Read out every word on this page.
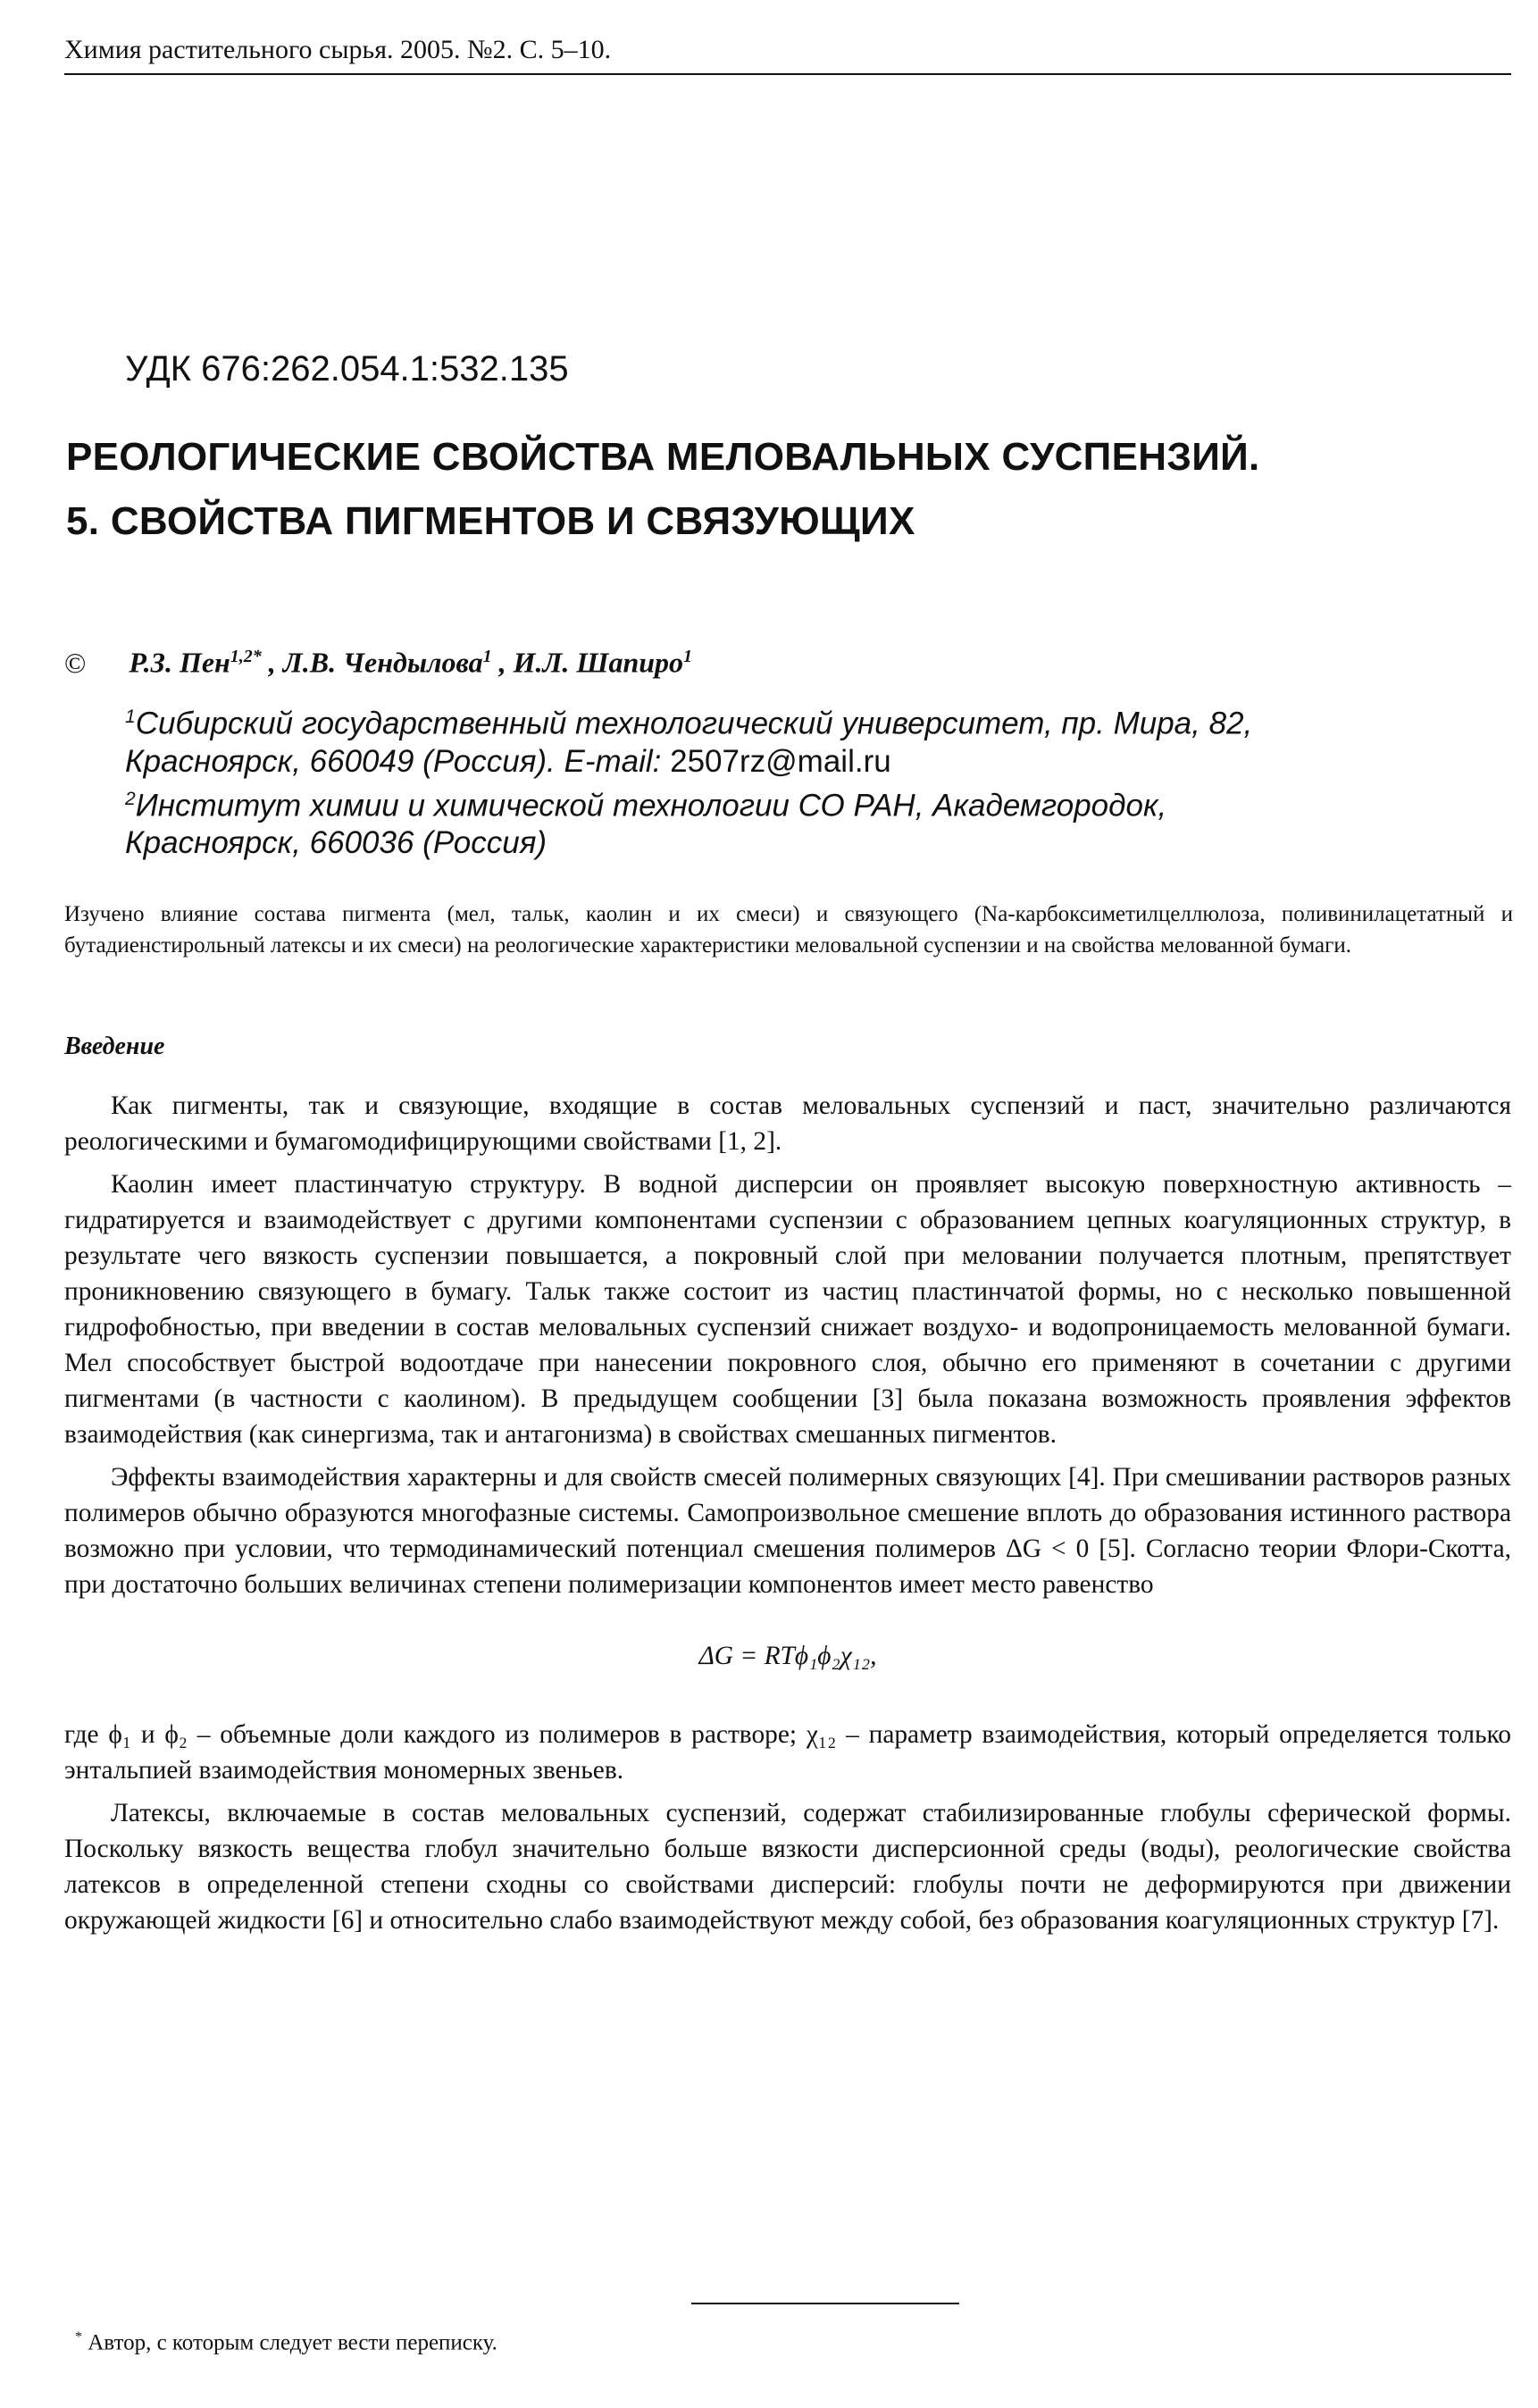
Химия растительного сырья. 2005. №2. С. 5–10.
УДК 676:262.054.1:532.135
РЕОЛОГИЧЕСКИЕ СВОЙСТВА МЕЛОВАЛЬНЫХ СУСПЕНЗИЙ.
5. СВОЙСТВА ПИГМЕНТОВ И СВЯЗУЮЩИХ
© Р.З. Пен$^{1,2*}$ , Л.В. Чендылова$^1$ , И.Л. Шапиро$^1$

$^1$Сибирский государственный технологический университет, пр. Мира, 82,

Красноярск, 660049 (Россия). E-mail: 2507rz@mail.ru

$^2$Институт химии и химической технологии СО РАН, Академгородок,

Красноярск, 660036 (Россия)

Изучено влияние состава пигмента (мел, тальк, каолин и их смеси) и связующего (Na-карбоксиметилцеллюлоза, поливинилацетатный и бутадиенстирольный латексы и их смеси) на реологические характеристики меловальной суспензии и на свойства мелованной бумаги.
Введение

Как пигменты, так и связующие, входящие в состав меловальных суспензий и паст, значительно различаются реологическими и бумагомодифицирующими свойствами [1, 2].

Каолин имеет пластинчатую структуру. В водной дисперсии он проявляет высокую поверхностную активность – гидратируется и взаимодействует с другими компонентами суспензии с образованием цепных коагуляционных структур, в результате чего вязкость суспензии повышается, а покровный слой при меловании получается плотным, препятствует проникновению связующего в бумагу. Тальк также состоит из частиц пластинчатой формы, но с несколько повышенной гидрофобностью, при введении в состав меловальных суспензий снижает воздухо- и водопроницаемость мелованной бумаги. Мел способствует быстрой водоотдаче при нанесении покровного слоя, обычно его применяют в сочетании с другими пигментами (в частности с каолином). В предыдущем сообщении [3] была показана возможность проявления эффектов взаимодействия (как синергизма, так и антагонизма) в свойствах смешанных пигментов.

Эффекты взаимодействия характерны и для свойств смесей полимерных связующих [4]. При смешивании растворов разных полимеров обычно образуются многофазные системы. Самопроизвольное смешение вплоть до образования истинного раствора возможно при условии, что термодинамический потенциал смешения полимеров ΔG < 0 [5]. Согласно теории Флори-Скотта, при достаточно больших величинах степени полимеризации компонентов имеет место равенство

ΔG = RTϕ₁ϕ₂χ₁₂,

где ϕ₁ и ϕ₂ – объемные доли каждого из полимеров в растворе; χ₁₂ – параметр взаимодействия, который определяется только энтальпией взаимодействия мономерных звеньев.

Латексы, включаемые в состав меловальных суспензий, содержат стабилизированные глобулы сферической формы. Поскольку вязкость вещества глобул значительно больше вязкости дисперсионной среды (воды), реологические свойства латексов в определенной степени сходны со свойствами дисперсий: глобулы почти не деформируются при движении окружающей жидкости [6] и относительно слабо взаимодействуют между собой, без образования коагуляционных структур [7].

* Автор, с которым следует вести переписку.
